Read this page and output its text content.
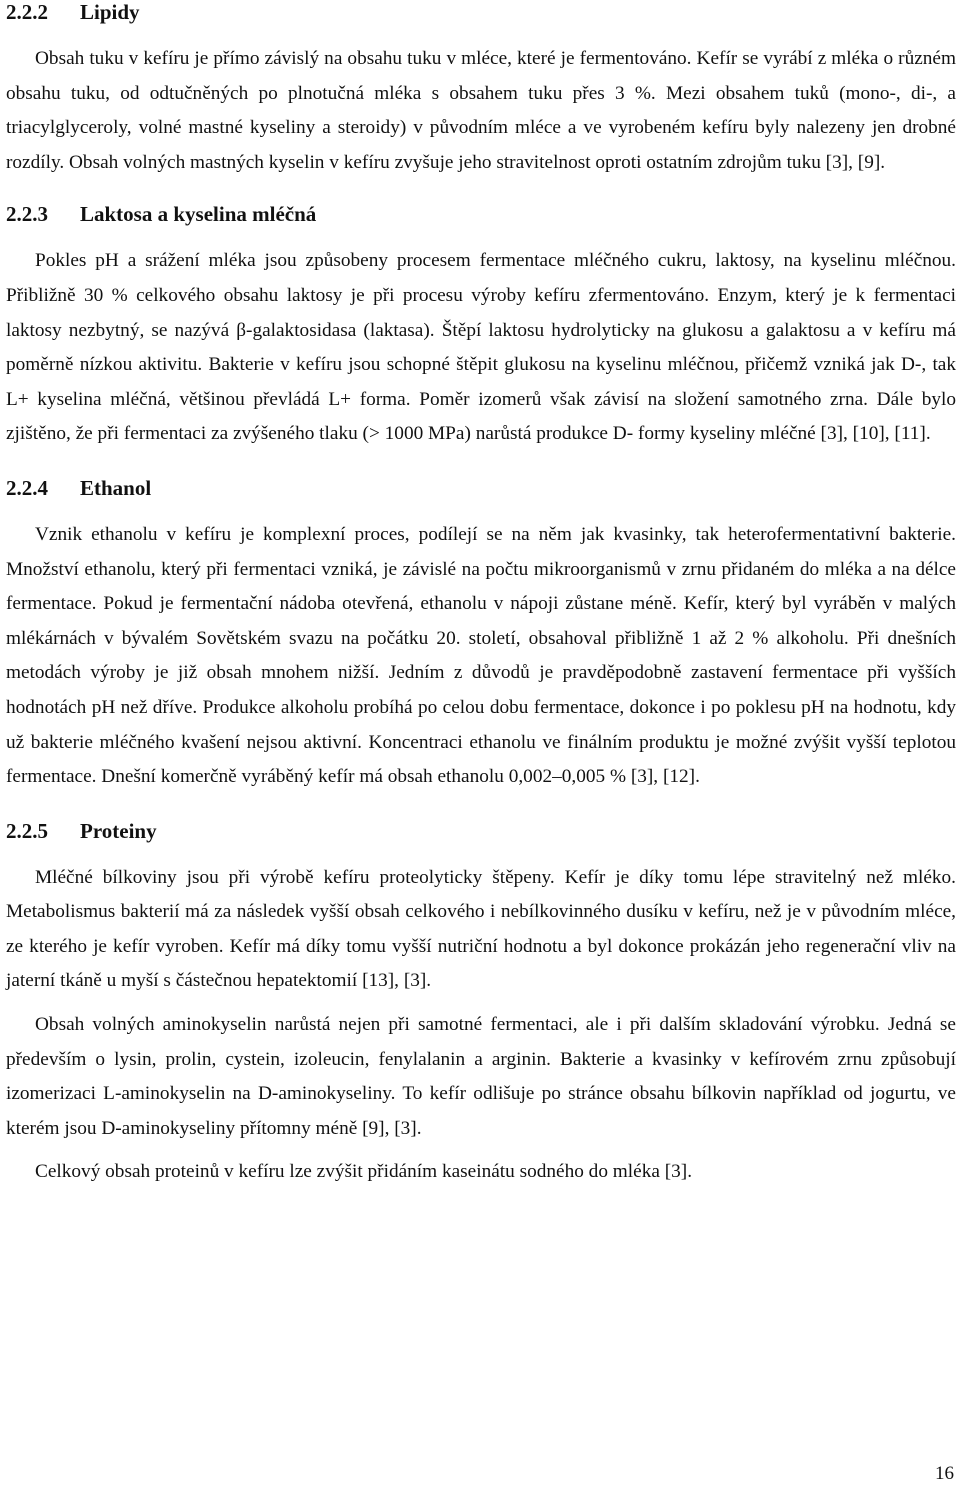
2.2.2 Lipidy

Obsah tuku v kefíru je přímo závislý na obsahu tuku v mléce, které je fermentováno. Kefír se vyrábí z mléka o různém obsahu tuku, od odtučněných po plnotučná mléka s obsahem tuku přes 3 %. Mezi obsahem tuků (mono-, di-, a triacylglyceroly, volné mastné kyseliny a steroidy) v původním mléce a ve vyrobeném kefíru byly nalezeny jen drobné rozdíly. Obsah volných mastných kyselin v kefíru zvyšuje jeho stravitelnost oproti ostatním zdrojům tuku [3], [9].

2.2.3 Laktosa a kyselina mléčná

Pokles pH a srážení mléka jsou způsobeny procesem fermentace mléčného cukru, laktosy, na kyselinu mléčnou. Přibližně 30 % celkového obsahu laktosy je při procesu výroby kefíru zfermentováno. Enzym, který je k fermentaci laktosy nezbytný, se nazývá β-galaktosidasa (laktasa). Štěpí laktosu hydrolyticky na glukosu a galaktosu a v kefíru má poměrně nízkou aktivitu. Bakterie v kefíru jsou schopné štěpit glukosu na kyselinu mléčnou, přičemž vzniká jak D-, tak L+ kyselina mléčná, většinou převládá L+ forma. Poměr izomerů však závisí na složení samotného zrna. Dále bylo zjištěno, že při fermentaci za zvýšeného tlaku (> 1000 MPa) narůstá produkce D- formy kyseliny mléčné [3], [10], [11].

2.2.4 Ethanol

Vznik ethanolu v kefíru je komplexní proces, podílejí se na něm jak kvasinky, tak heterofermentativní bakterie. Množství ethanolu, který při fermentaci vzniká, je závislé na počtu mikroorganismů v zrnu přidaném do mléka a na délce fermentace. Pokud je fermentační nádoba otevřená, ethanolu v nápoji zůstane méně. Kefír, který byl vyráběn v malých mlékárnách v bývalém Sovětském svazu na počátku 20. století, obsahoval přibližně 1 až 2 % alkoholu. Při dnešních metodách výroby je již obsah mnohem nižší. Jedním z důvodů je pravděpodobně zastavení fermentace při vyšších hodnotách pH než dříve. Produkce alkoholu probíhá po celou dobu fermentace, dokonce i po poklesu pH na hodnotu, kdy už bakterie mléčného kvašení nejsou aktivní. Koncentraci ethanolu ve finálním produktu je možné zvýšit vyšší teplotou fermentace. Dnešní komerčně vyráběný kefír má obsah ethanolu 0,002–0,005 % [3], [12].

2.2.5 Proteiny

Mléčné bílkoviny jsou při výrobě kefíru proteolyticky štěpeny. Kefír je díky tomu lépe stravitelný než mléko. Metabolismus bakterií má za následek vyšší obsah celkového i nebílkovinného dusíku v kefíru, než je v původním mléce, ze kterého je kefír vyroben. Kefír má díky tomu vyšší nutriční hodnotu a byl dokonce prokázán jeho regenerační vliv na jaterní tkáně u myší s částečnou hepatektomií [13], [3].

Obsah volných aminokyselin narůstá nejen při samotné fermentaci, ale i při dalším skladování výrobku. Jedná se především o lysin, prolin, cystein, izoleucin, fenylalanin a arginin. Bakterie a kvasinky v kefírovém zrnu způsobují izomerizaci L-aminokyselin na D-aminokyseliny. To kefír odlišuje po stránce obsahu bílkovin například od jogurtu, ve kterém jsou D-aminokyseliny přítomny méně [9], [3].

Celkový obsah proteinů v kefíru lze zvýšit přidáním kaseinátu sodného do mléka [3].

16
